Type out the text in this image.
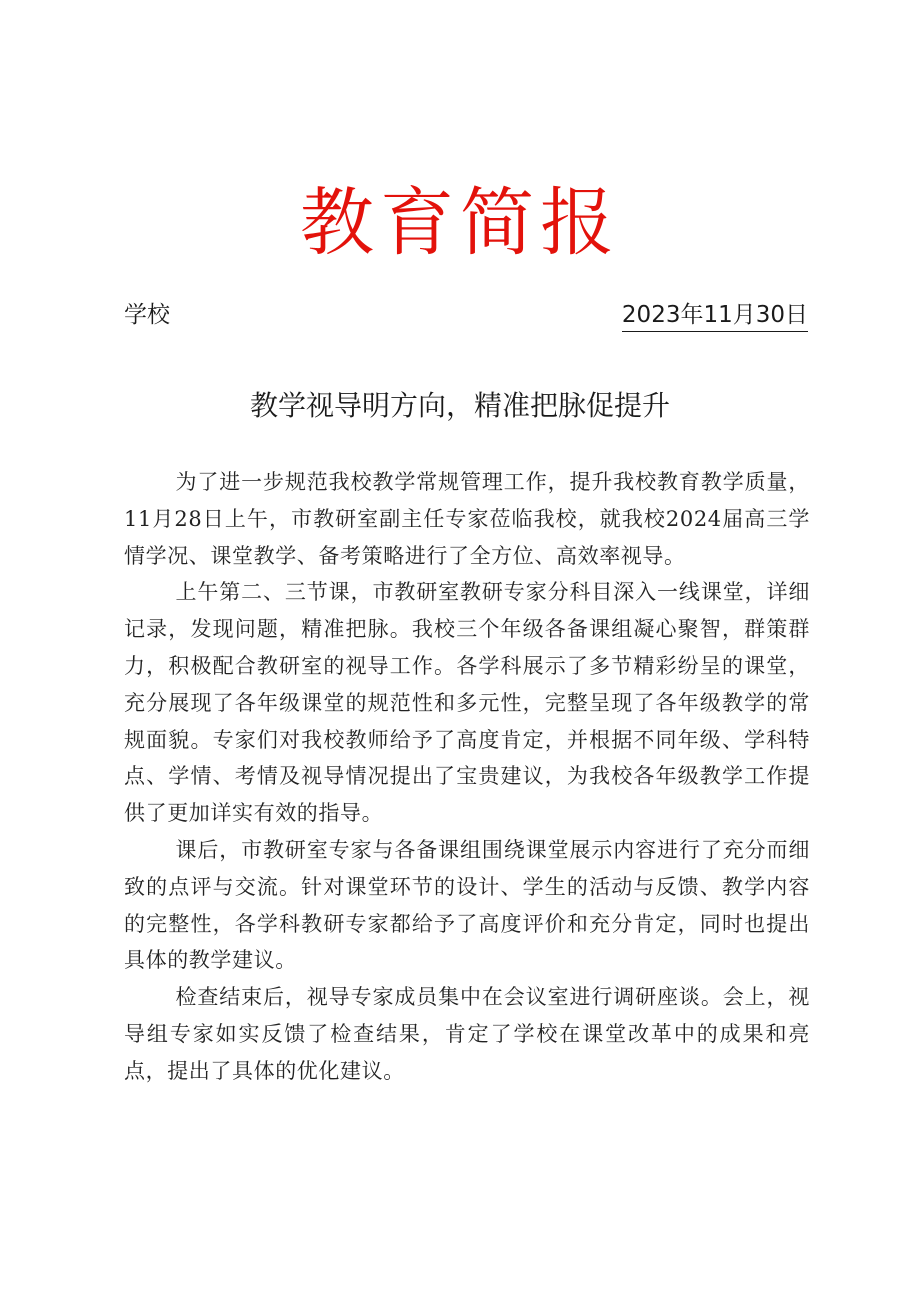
教育简报
学校	2023年11月30日
教学视导明方向，精准把脉促提升

为了进一步规范我校教学常规管理工作，提升我校教育教学质量，11月28日上午，市教研室副主任专家莅临我校，就我校2024届高三学情学况、课堂教学、备考策略进行了全方位、高效率视导。

上午第二、三节课，市教研室教研专家分科目深入一线课堂，详细记录，发现问题，精准把脉。我校三个年级各备课组凝心聚智，群策群力，积极配合教研室的视导工作。各学科展示了多节精彩纷呈的课堂，充分展现了各年级课堂的规范性和多元性，完整呈现了各年级教学的常规面貌。专家们对我校教师给予了高度肯定，并根据不同年级、学科特点、学情、考情及视导情况提出了宝贵建议，为我校各年级教学工作提供了更加详实有效的指导。

课后，市教研室专家与各备课组围绕课堂展示内容进行了充分而细致的点评与交流。针对课堂环节的设计、学生的活动与反馈、教学内容的完整性，各学科教研专家都给予了高度评价和充分肯定，同时也提出具体的教学建议。

检查结束后，视导专家成员集中在会议室进行调研座谈。会上，视导组专家如实反馈了检查结果，肯定了学校在课堂改革中的成果和亮点，提出了具体的优化建议。
